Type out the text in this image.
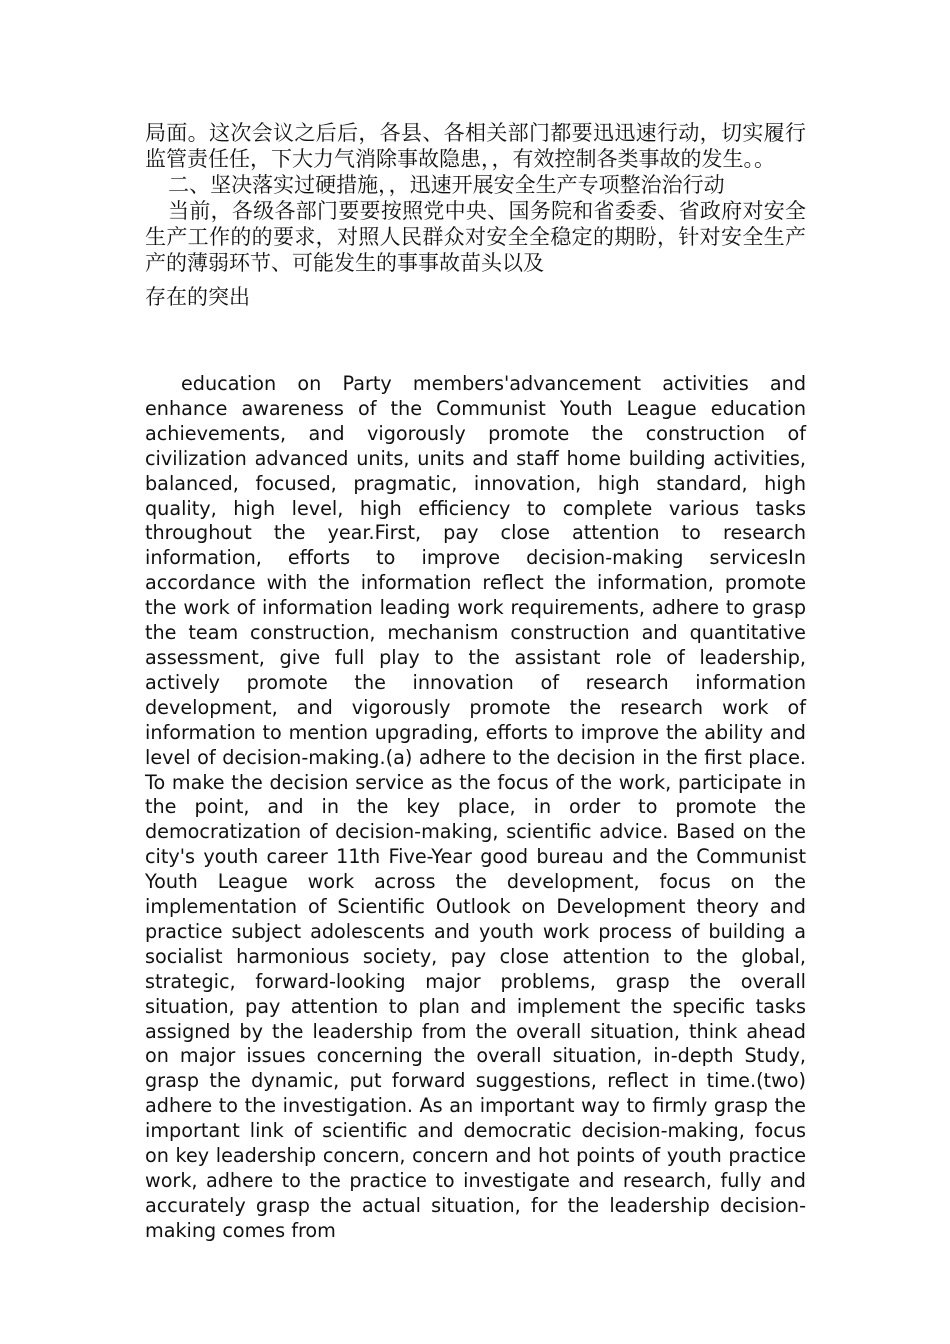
局面。这次会议之后后，各县、各相关部门都要迅迅速行动，切实履行监管责任任，下大力气消除事故隐患，，有效控制各类事故的发生。。

二、坚决落实过硬措施，，迅速开展安全生产专项整治治行动

当前，各级各部门要要按照党中央、国务院和省委委、省政府对安全生产工作的的要求，对照人民群众对安全全稳定的期盼，针对安全生产产的薄弱环节、可能发生的事事故苗头以及

存在的突出

education on Party members'advancement activities and enhance awareness of the Communist Youth League education achievements, and vigorously promote the construction of civilization advanced units, units and staff home building activities, balanced, focused, pragmatic, innovation, high standard, high quality, high level, high efficiency to complete various tasks throughout the year.First, pay close attention to research information, efforts to improve decision-making servicesIn accordance with the information reflect the information, promote the work of information leading work requirements, adhere to grasp the team construction, mechanism construction and quantitative assessment, give full play to the assistant role of leadership, actively promote the innovation of research information development, and vigorously promote the research work of information to mention upgrading, efforts to improve the ability and level of decision-making.(a) adhere to the decision in the first place. To make the decision service as the focus of the work, participate in the point, and in the key place, in order to promote the democratization of decision-making, scientific advice. Based on the city's youth career 11th Five-Year good bureau and the Communist Youth League work across the development, focus on the implementation of Scientific Outlook on Development theory and practice subject adolescents and youth work process of building a socialist harmonious society, pay close attention to the global, strategic, forward-looking major problems, grasp the overall situation, pay attention to plan and implement the specific tasks assigned by the leadership from the overall situation, think ahead on major issues concerning the overall situation, in-depth Study, grasp the dynamic, put forward suggestions, reflect in time.(two) adhere to the investigation. As an important way to firmly grasp the important link of scientific and democratic decision-making, focus on key leadership concern, concern and hot points of youth practice work, adhere to the practice to investigate and research, fully and accurately grasp the actual situation, for the leadership decision-making comes from
